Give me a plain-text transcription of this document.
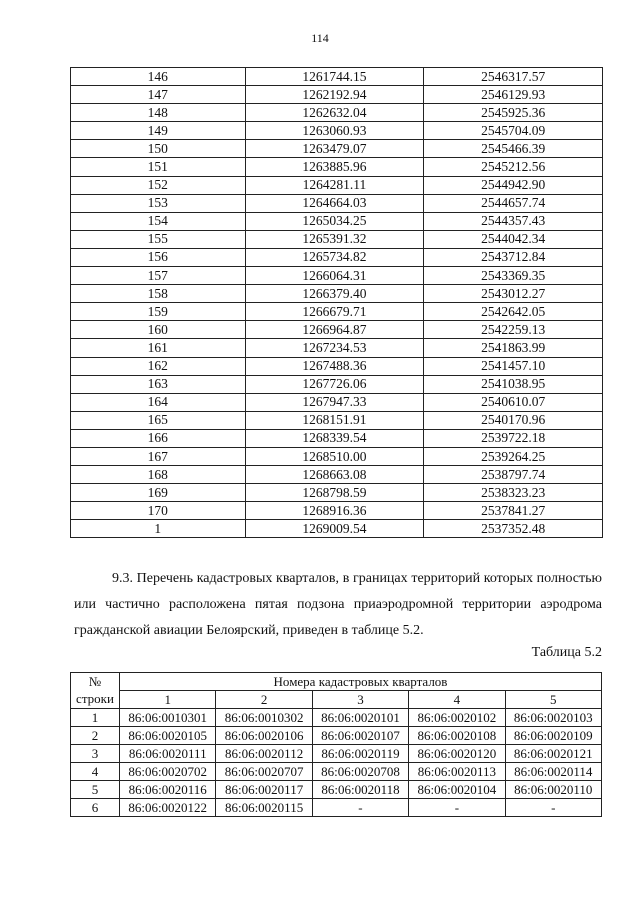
114
146	1261744.15	2546317.57
147	1262192.94	2546129.93
148	1262632.04	2545925.36
149	1263060.93	2545704.09
150	1263479.07	2545466.39
151	1263885.96	2545212.56
152	1264281.11	2544942.90
153	1264664.03	2544657.74
154	1265034.25	2544357.43
155	1265391.32	2544042.34
156	1265734.82	2543712.84
157	1266064.31	2543369.35
158	1266379.40	2543012.27
159	1266679.71	2542642.05
160	1266964.87	2542259.13
161	1267234.53	2541863.99
162	1267488.36	2541457.10
163	1267726.06	2541038.95
164	1267947.33	2540610.07
165	1268151.91	2540170.96
166	1268339.54	2539722.18
167	1268510.00	2539264.25
168	1268663.08	2538797.74
169	1268798.59	2538323.23
170	1268916.36	2537841.27
1	1269009.54	2537352.48
9.3. Перечень кадастровых кварталов, в границах территорий которых полностью или частично расположена пятая подзона приаэродромной территории аэродрома гражданской авиации Белоярский, приведен в таблице 5.2.
Таблица 5.2
№	Номера кадастровых кварталов				
строки	1	2	3	4	5
1	86:06:0010301	86:06:0010302	86:06:0020101	86:06:0020102	86:06:0020103
2	86:06:0020105	86:06:0020106	86:06:0020107	86:06:0020108	86:06:0020109
3	86:06:0020111	86:06:0020112	86:06:0020119	86:06:0020120	86:06:0020121
4	86:06:0020702	86:06:0020707	86:06:0020708	86:06:0020113	86:06:0020114
5	86:06:0020116	86:06:0020117	86:06:0020118	86:06:0020104	86:06:0020110
6	86:06:0020122	86:06:0020115	-	-	-
